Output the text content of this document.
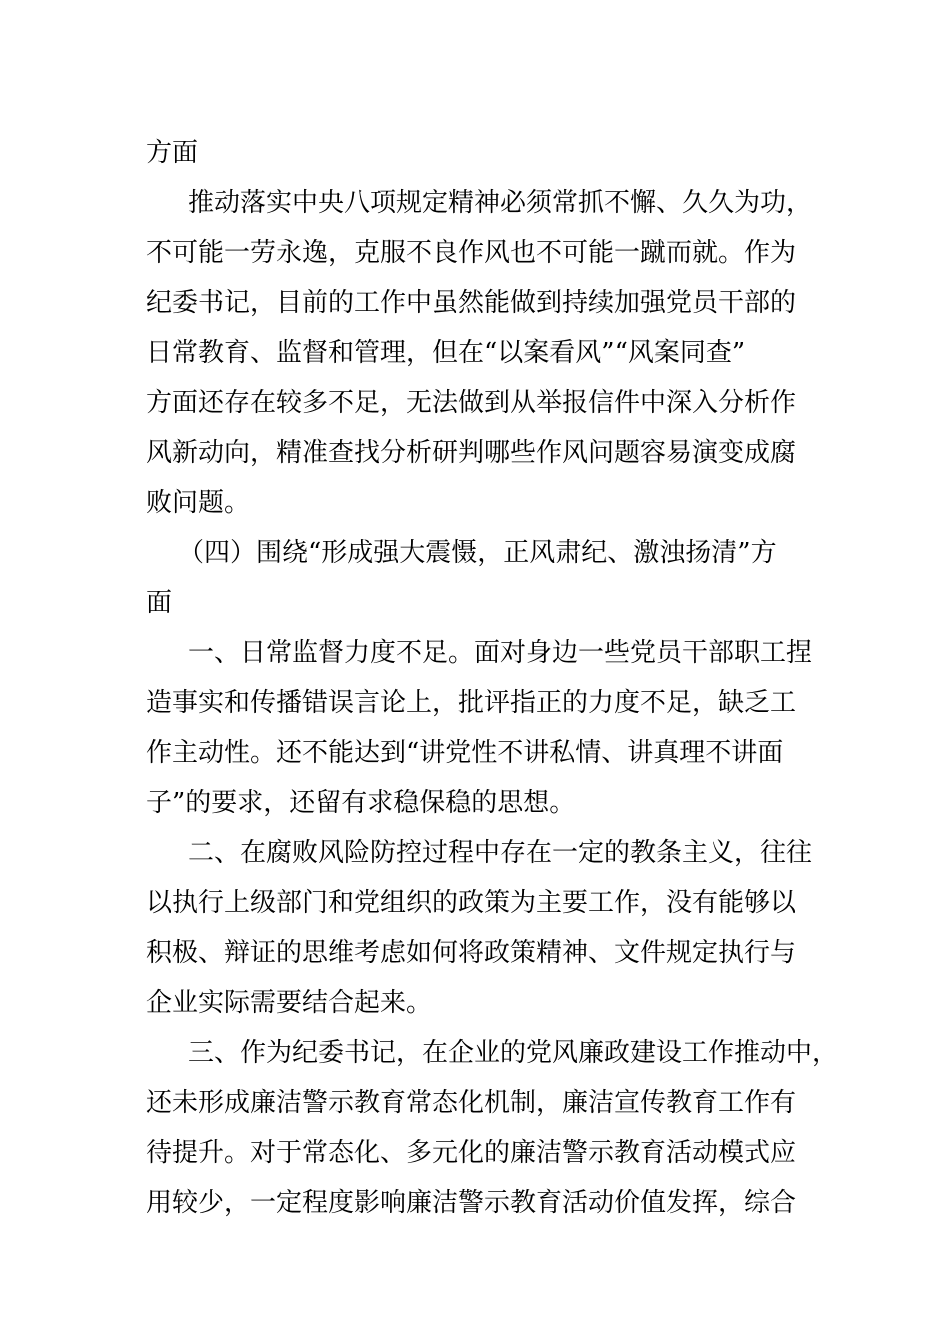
方面
推动落实中央八项规定精神必须常抓不懈、久久为功，
不可能一劳永逸，克服不良作风也不可能一蹴而就。作为
纪委书记，目前的工作中虽然能做到持续加强党员干部的
日常教育、监督和管理，但在“以案看风”“风案同查”
方面还存在较多不足，无法做到从举报信件中深入分析作
风新动向，精准查找分析研判哪些作风问题容易演变成腐
败问题。
（四）围绕“形成强大震慑，正风肃纪、激浊扬清”方
面
一、日常监督力度不足。面对身边一些党员干部职工捏
造事实和传播错误言论上，批评指正的力度不足，缺乏工
作主动性。还不能达到“讲党性不讲私情、讲真理不讲面
子”的要求，还留有求稳保稳的思想。
二、在腐败风险防控过程中存在一定的教条主义，往往
以执行上级部门和党组织的政策为主要工作，没有能够以
积极、辩证的思维考虑如何将政策精神、文件规定执行与
企业实际需要结合起来。
三、作为纪委书记，在企业的党风廉政建设工作推动中，
还未形成廉洁警示教育常态化机制，廉洁宣传教育工作有
待提升。对于常态化、多元化的廉洁警示教育活动模式应
用较少，一定程度影响廉洁警示教育活动价值发挥，综合
